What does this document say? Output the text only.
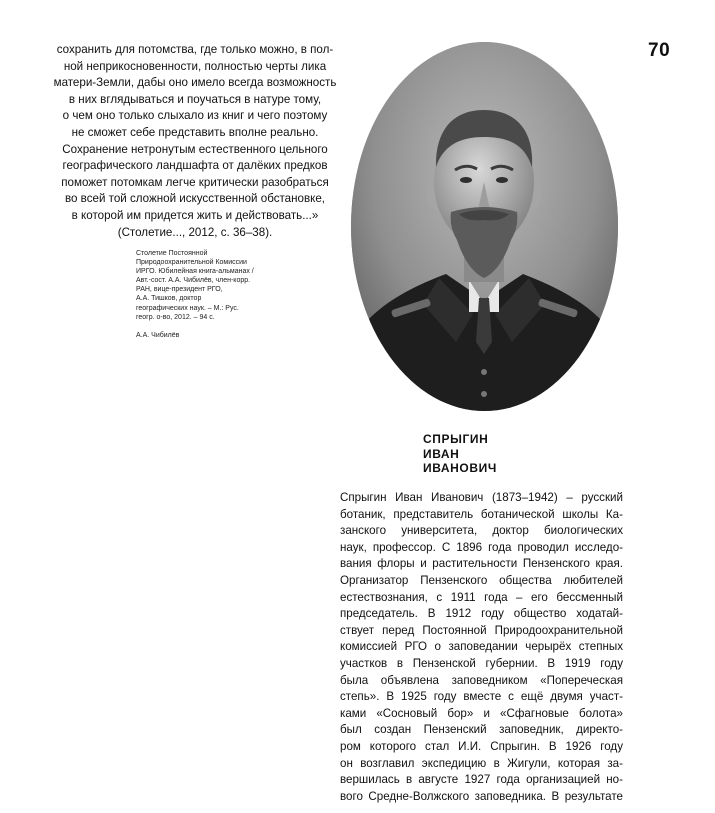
70
сохранить для потомства, где только можно, в пол-
ной неприкосновенности, полностью черты лика
матери-Земли, дабы оно имело всегда возможность
в них вглядываться и поучаться в натуре тому,
о чем оно только слыхало из книг и чего поэтому
не сможет себе представить вполне реально.
Сохранение нетронутым естественного цельного
географического ландшафта от далёких предков
поможет потомкам легче критически разобраться
во всей той сложной искусственной обстановке,
в которой им придется жить и действовать...»
(Столетие..., 2012, с. 36–38).
Столетие Постоянной
Природоохранительной Комиссии
ИРГО. Юбилейная книга-альманах /
Авт.-сост. А.А. Чибилёв, член-корр.
РАН, вице-президент РГО,
А.А. Тишков, доктор
географических наук. – М.: Рус.
геогр. о-во, 2012. – 94 с.
А.А. Чибилёв
СПРЫГИН
ИВАН
ИВАНОВИЧ
Спрыгин Иван Иванович (1873–1942) – русский
ботаник, представитель ботанической школы Ка-
занского университета, доктор биологических
наук, профессор. С 1896 года проводил исследо-
вания флоры и растительности Пензенского края.
Организатор Пензенского общества любителей
естествознания, с 1911 года – его бессменный
председатель. В 1912 году общество ходатай-
ствует перед Постоянной Природоохранительной
комиссией РГО о заповедании черырёх степных
участков в Пензенской губернии. В 1919 году
была объявлена заповедником «Поперечеcкая
степь». В 1925 году вместе с ещё двумя участ-
ками «Сосновый бор» и «Сфагновые болота»
был создан Пензенский заповедник, директо-
ром которого стал И.И. Спрыгин. В 1926 году
он возглавил экспедицию в Жигули, которая за-
вершилась в августе 1927 года организацией но-
вого Средне-Волжского заповедника. В результате
